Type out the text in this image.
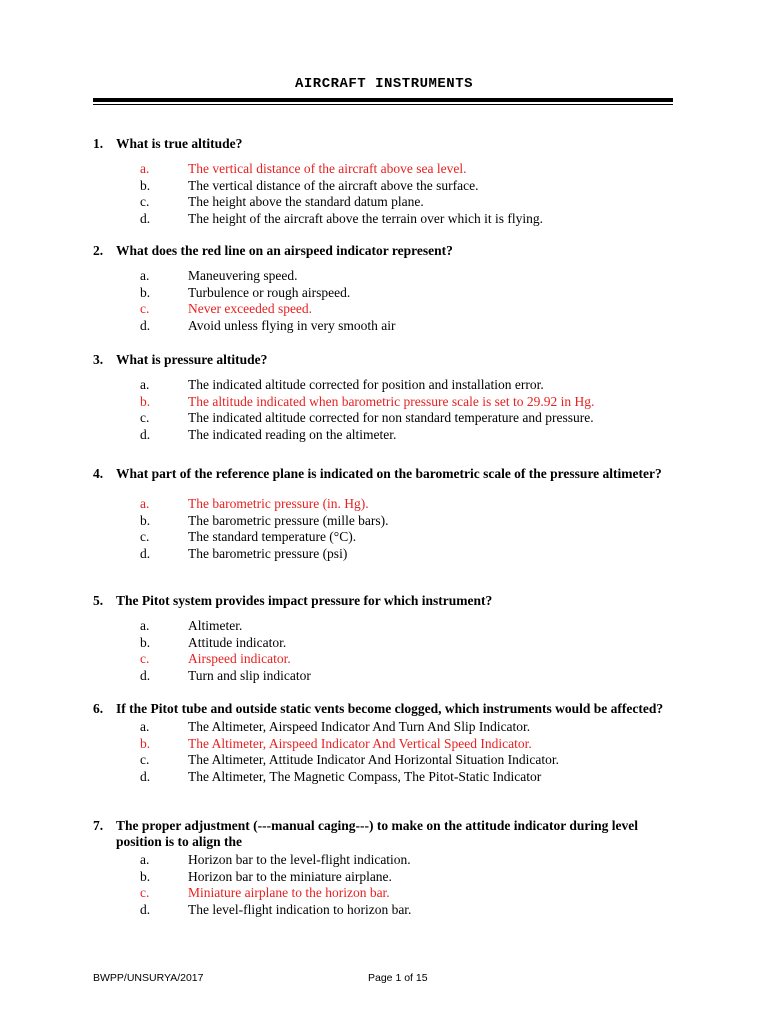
AIRCRAFT INSTRUMENTS
1. What is true altitude?
a.	The vertical distance of the aircraft above sea level.
b.	The vertical distance of the aircraft above the surface.
c.	The height above the standard datum plane.
d.	The height of the aircraft above the terrain over which it is flying.
2. What does the red line on an airspeed indicator represent?
a.	Maneuvering speed.
b.	Turbulence or rough airspeed.
c.	Never exceeded speed.
d.	Avoid unless flying in very smooth air
3. What is pressure altitude?
a.	The indicated altitude corrected for position and installation error.
b.	The altitude indicated when barometric pressure scale is set to 29.92 in Hg.
c.	The indicated altitude corrected for non standard temperature and pressure.
d.	The indicated reading on the altimeter.
4. What part of the reference plane is indicated on the barometric scale of the pressure altimeter?
a.	The barometric pressure (in. Hg).
b.	The barometric pressure (mille bars).
c.	The standard temperature (°C).
d.	The barometric pressure (psi)
5. The Pitot system provides impact pressure for which instrument?
a.	Altimeter.
b.	Attitude indicator.
c.	Airspeed indicator.
d.	Turn and slip indicator
6. If the Pitot tube and outside static vents become clogged, which instruments would be affected?
a.	The Altimeter, Airspeed Indicator And Turn And Slip Indicator.
b.	The Altimeter, Airspeed Indicator And Vertical Speed Indicator.
c.	The Altimeter, Attitude Indicator And Horizontal Situation Indicator.
d.	The Altimeter, The Magnetic Compass, The Pitot-Static Indicator
7. The proper adjustment (---manual caging---) to make on the attitude indicator during level position is to align the
a.	Horizon bar to the level-flight indication.
b.	Horizon bar to the miniature airplane.
c.	Miniature airplane to the horizon bar.
d.	The level-flight indication to horizon bar.
BWPP/UNSURYA/2017	Page 1 of 15
